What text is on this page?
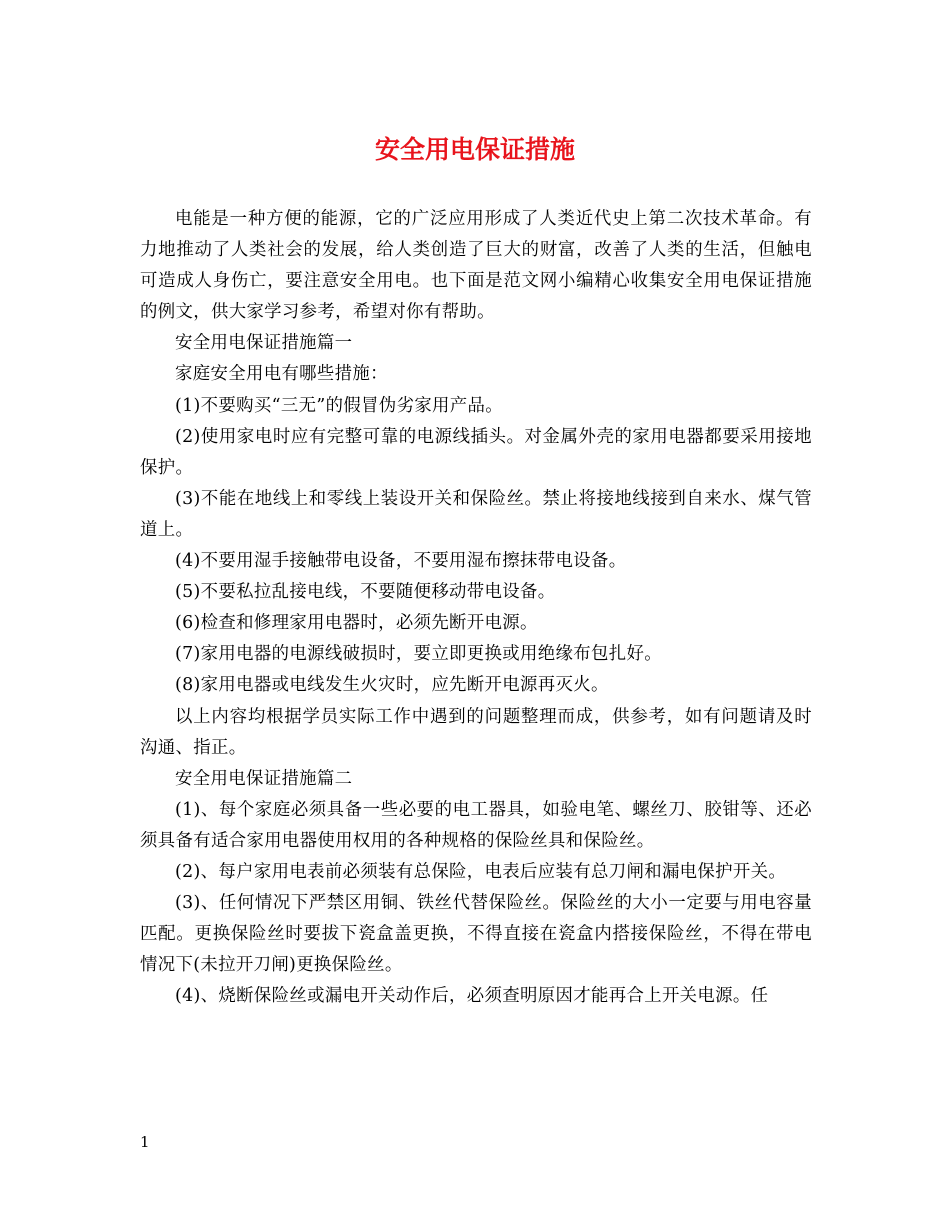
安全用电保证措施

电能是一种方便的能源，它的广泛应用形成了人类近代史上第二次技术革命。有力地推动了人类社会的发展，给人类创造了巨大的财富，改善了人类的生活，但触电可造成人身伤亡，要注意安全用电。也下面是范文网小编精心收集安全用电保证措施的例文，供大家学习参考，希望对你有帮助。

安全用电保证措施篇一

家庭安全用电有哪些措施：

(1)不要购买“三无”的假冒伪劣家用产品。

(2)使用家电时应有完整可靠的电源线插头。对金属外壳的家用电器都要采用接地保护。

(3)不能在地线上和零线上装设开关和保险丝。禁止将接地线接到自来水、煤气管道上。

(4)不要用湿手接触带电设备，不要用湿布擦抹带电设备。

(5)不要私拉乱接电线，不要随便移动带电设备。

(6)检查和修理家用电器时，必须先断开电源。

(7)家用电器的电源线破损时，要立即更换或用绝缘布包扎好。

(8)家用电器或电线发生火灾时，应先断开电源再灭火。

以上内容均根据学员实际工作中遇到的问题整理而成，供参考，如有问题请及时沟通、指正。

安全用电保证措施篇二

(1)、每个家庭必须具备一些必要的电工器具，如验电笔、螺丝刀、胶钳等、还必须具备有适合家用电器使用权用的各种规格的保险丝具和保险丝。

(2)、每户家用电表前必须装有总保险，电表后应装有总刀闸和漏电保护开关。

(3)、任何情况下严禁区用铜、铁丝代替保险丝。保险丝的大小一定要与用电容量匹配。更换保险丝时要拔下瓷盒盖更换，不得直接在瓷盒内搭接保险丝，不得在带电情况下(未拉开刀闸)更换保险丝。

(4)、烧断保险丝或漏电开关动作后，必须查明原因才能再合上开关电源。任

1
